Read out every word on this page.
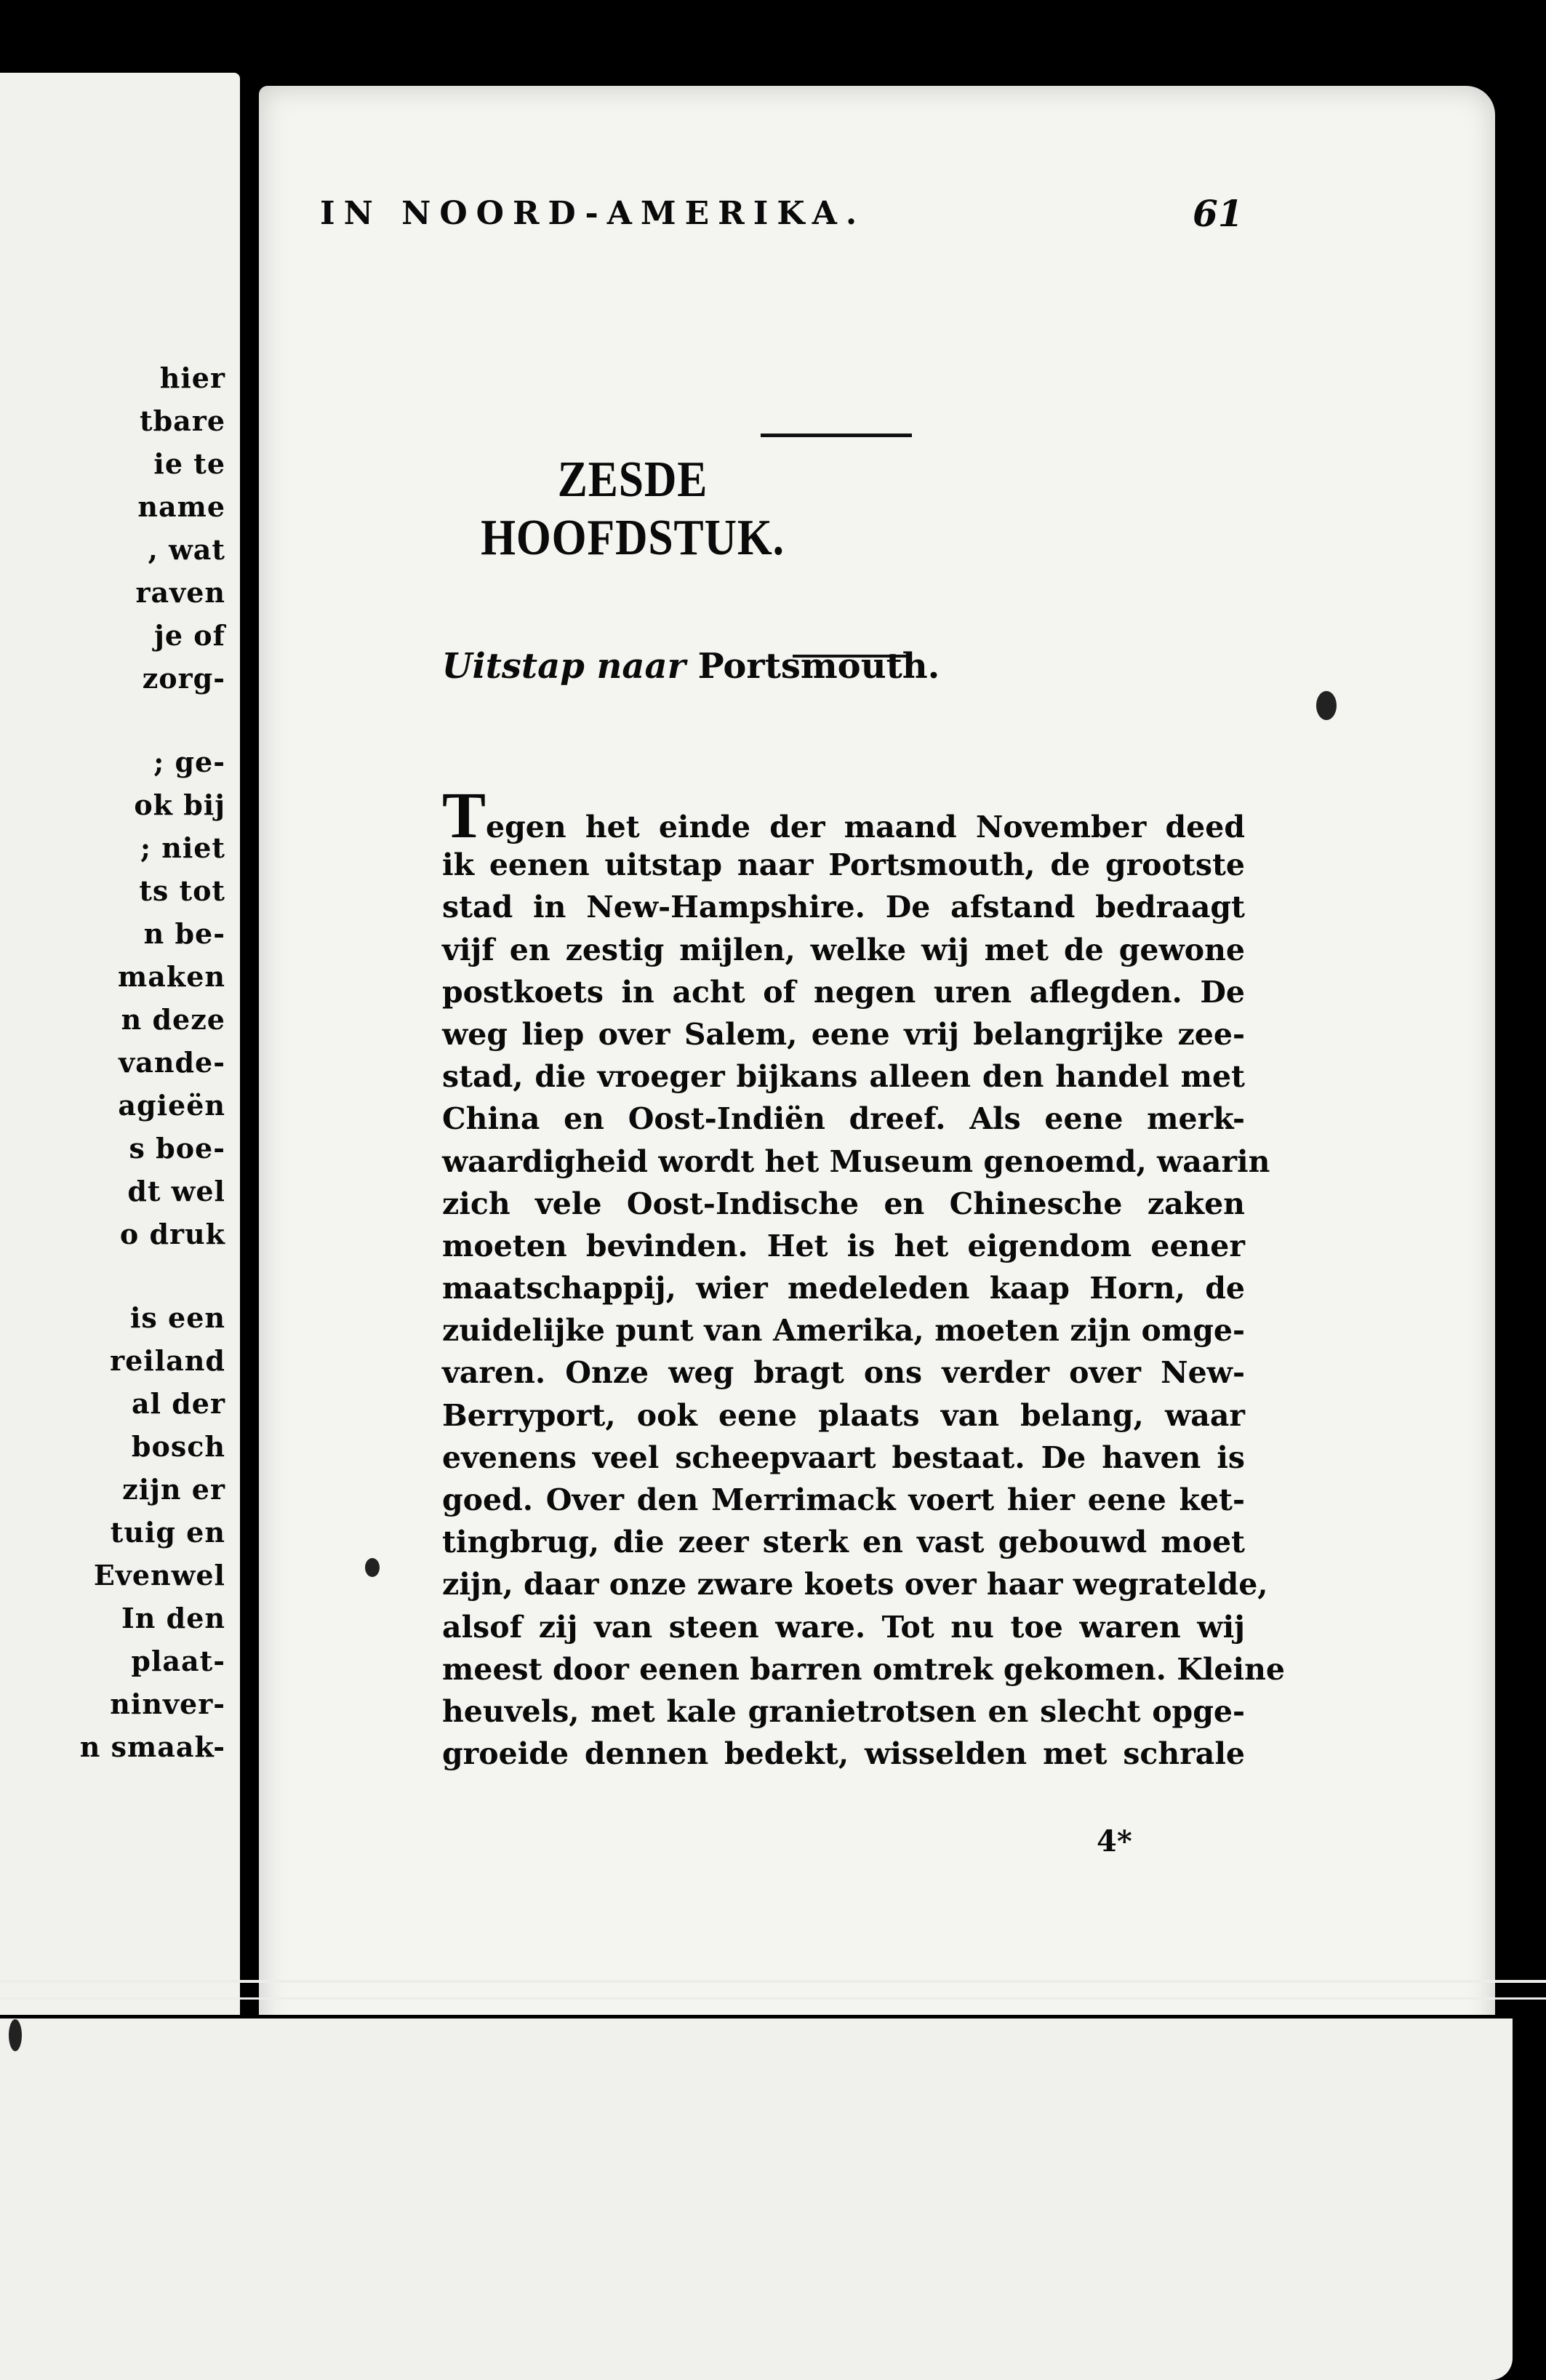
hier
tbare
ie te
name
, wat
raven
je of
zorg-
; ge-
ok bij
; niet
ts tot
n be-
maken
n deze
vande-
agieën
s boe-
dt wel
o druk
is een
reiland
al der
bosch
zijn er
tuig en
Evenwel
In den
plaat-
ninver-
n smaak-
IN NOORD-AMERIKA.	61
ZESDE HOOFDSTUK.
Uitstap naar Portsmouth.
Tegen het einde der maand November deed
ik eenen uitstap naar Portsmouth, de grootste
stad in New-Hampshire. De afstand bedraagt
vijf en zestig mijlen, welke wij met de gewone
postkoets in acht of negen uren aflegden. De
weg liep over Salem, eene vrij belangrijke zee-
stad, die vroeger bijkans alleen den handel met
China en Oost-Indiën dreef. Als eene merk-
waardigheid wordt het Museum genoemd, waarin
zich vele Oost-Indische en Chinesche zaken
moeten bevinden. Het is het eigendom eener
maatschappij, wier medeleden kaap Horn, de
zuidelijke punt van Amerika, moeten zijn omge-
varen. Onze weg bragt ons verder over New-
Berryport, ook eene plaats van belang, waar
evenens veel scheepvaart bestaat. De haven is
goed. Over den Merrimack voert hier eene ket-
tingbrug, die zeer sterk en vast gebouwd moet
zijn, daar onze zware koets over haar wegratelde,
alsof zij van steen ware. Tot nu toe waren wij
meest door eenen barren omtrek gekomen. Kleine
heuvels, met kale granietrotsen en slecht opge-
groeide dennen bedekt, wisselden met schrale
4*
